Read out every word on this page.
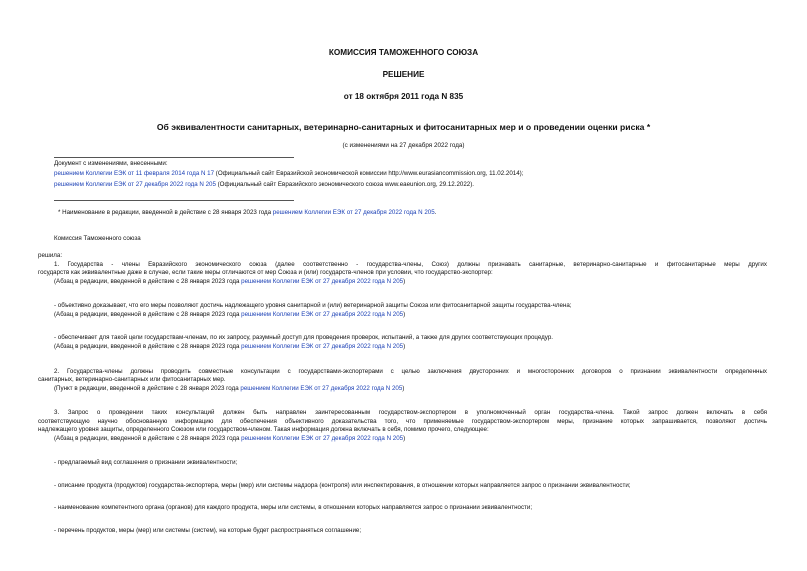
КОМИССИЯ ТАМОЖЕННОГО СОЮЗА
РЕШЕНИЕ
от 18 октября 2011 года N 835
Об эквивалентности санитарных, ветеринарно-санитарных и фитосанитарных мер и о проведении оценки риска *
(с изменениями на 27 декабря 2022 года)
Документ с изменениями, внесенными:
решением Коллегии ЕЭК от 11 февраля 2014 года N 17 (Официальный сайт Евразийской экономической комиссии http://www.eurasiancommission.org, 11.02.2014);
решением Коллегии ЕЭК от 27 декабря 2022 года N 205 (Официальный сайт Евразийского экономического союза www.eaeunion.org, 29.12.2022).
* Наименование в редакции, введенной в действие с 28 января 2023 года решением Коллегии ЕЭК от 27 декабря 2022 года N 205.
Комиссия Таможенного союза
решила:
1. Государства - члены Евразийского экономического союза (далее соответственно - государства-члены, Союз) должны признавать санитарные, ветеринарно-санитарные и фитосанитарные меры других
государств как эквивалентные даже в случае, если такие меры отличаются от мер Союза и (или) государств-членов при условии, что государство-экспортер:
(Абзац в редакции, введенной в действие с 28 января 2023 года решением Коллегии ЕЭК от 27 декабря 2022 года N 205)
- объективно доказывает, что его меры позволяют достичь надлежащего уровня санитарной и (или) ветеринарной защиты Союза или фитосанитарной защиты государства-члена;
(Абзац в редакции, введенной в действие с 28 января 2023 года решением Коллегии ЕЭК от 27 декабря 2022 года N 205)
- обеспечивает для такой цели государствам-членам, по их запросу, разумный доступ для проведения проверок, испытаний, а также для других соответствующих процедур.
(Абзац в редакции, введенной в действие с 28 января 2023 года решением Коллегии ЕЭК от 27 декабря 2022 года N 205)
2. Государства-члены должны проводить совместные консультации с государствами-экспортерами с целью заключения двусторонних и многосторонних договоров о признании эквивалентности определенных
санитарных, ветеринарно-санитарных или фитосанитарных мер.
(Пункт в редакции, введенной в действие с 28 января 2023 года решением Коллегии ЕЭК от 27 декабря 2022 года N 205)
3. Запрос о проведении таких консультаций должен быть направлен заинтересованным государством-экспортером в уполномоченный орган государства-члена. Такой запрос должен включать в себя
соответствующую научно обоснованную информацию для обеспечения объективного доказательства того, что применяемые государством-экспортером меры, признание которых запрашивается, позволяют достичь
надлежащего уровня защиты, определенного Союзом или государством-членом. Такая информация должна включать в себя, помимо прочего, следующее:
(Абзац в редакции, введенной в действие с 28 января 2023 года решением Коллегии ЕЭК от 27 декабря 2022 года N 205)
- предлагаемый вид соглашения о признании эквивалентности;
- описание продукта (продуктов) государства-экспортера, меры (мер) или системы надзора (контроля) или инспектирования, в отношении которых направляется запрос о признании эквивалентности;
- наименование компетентного органа (органов) для каждого продукта, меры или системы, в отношении которых направляется запрос о признании эквивалентности;
- перечень продуктов, меры (мер) или системы (систем), на которые будет распространяться соглашение;
